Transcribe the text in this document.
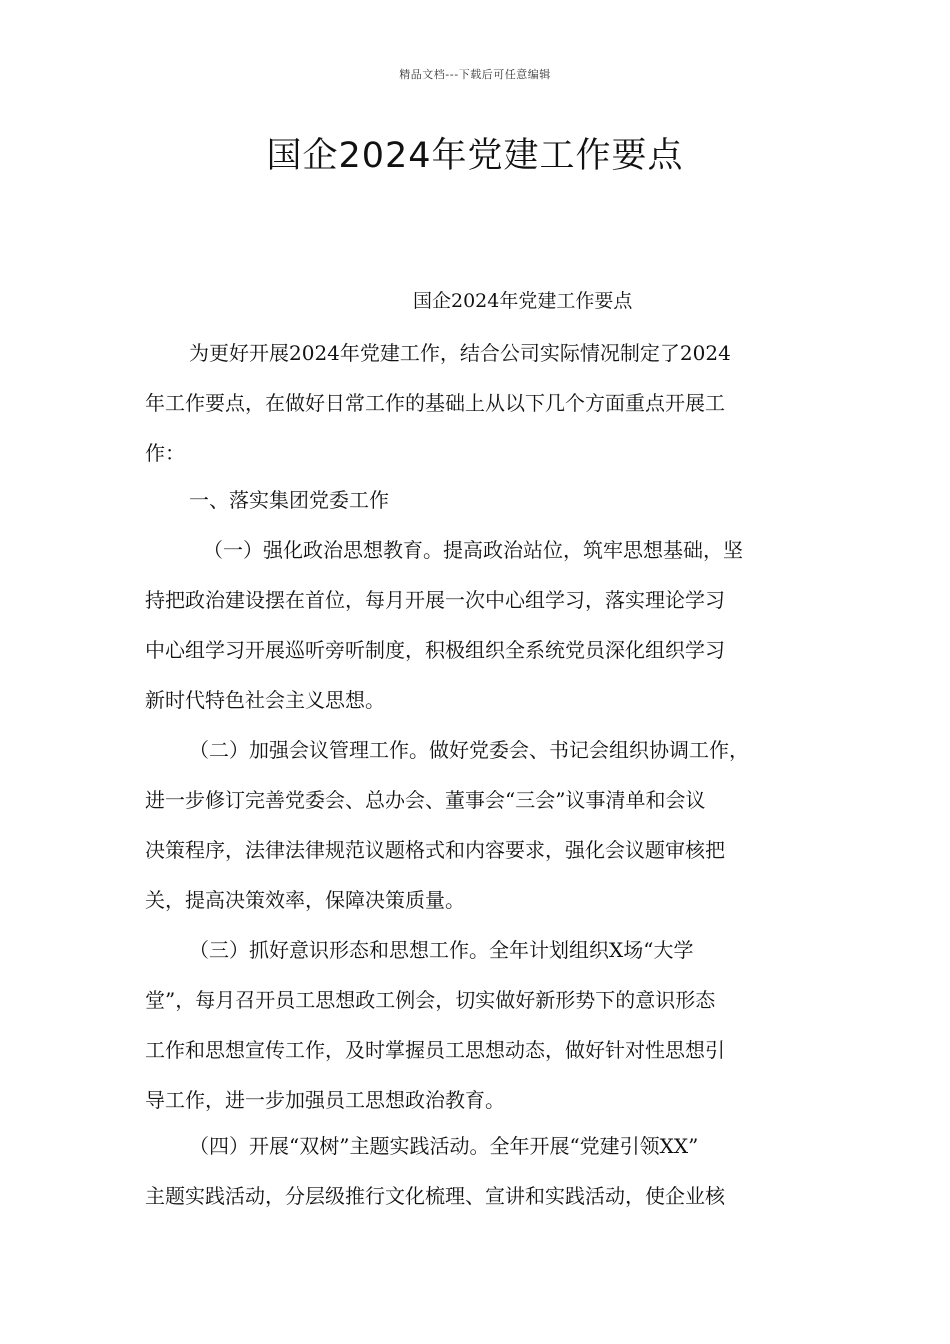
精品文档---下载后可任意编辑
国企2024年党建工作要点
国企2024年党建工作要点
为更好开展2024年党建工作，结合公司实际情况制定了2024
年工作要点，在做好日常工作的基础上从以下几个方面重点开展工
作：
一、落实集团党委工作
（一）强化政治思想教育。提高政治站位，筑牢思想基础，坚
持把政治建设摆在首位，每月开展一次中心组学习，落实理论学习
中心组学习开展巡听旁听制度，积极组织全系统党员深化组织学习
新时代特色社会主义思想。
（二）加强会议管理工作。做好党委会、书记会组织协调工作，
进一步修订完善党委会、总办会、董事会“三会”议事清单和会议
决策程序，法律法律规范议题格式和内容要求，强化会议题审核把
关，提高决策效率，保障决策质量。
（三）抓好意识形态和思想工作。全年计划组织X场“大学
堂”，每月召开员工思想政工例会，切实做好新形势下的意识形态
工作和思想宣传工作，及时掌握员工思想动态，做好针对性思想引
导工作，进一步加强员工思想政治教育。
（四）开展“双树”主题实践活动。全年开展“党建引领XX”
主题实践活动，分层级推行文化梳理、宣讲和实践活动，使企业核
